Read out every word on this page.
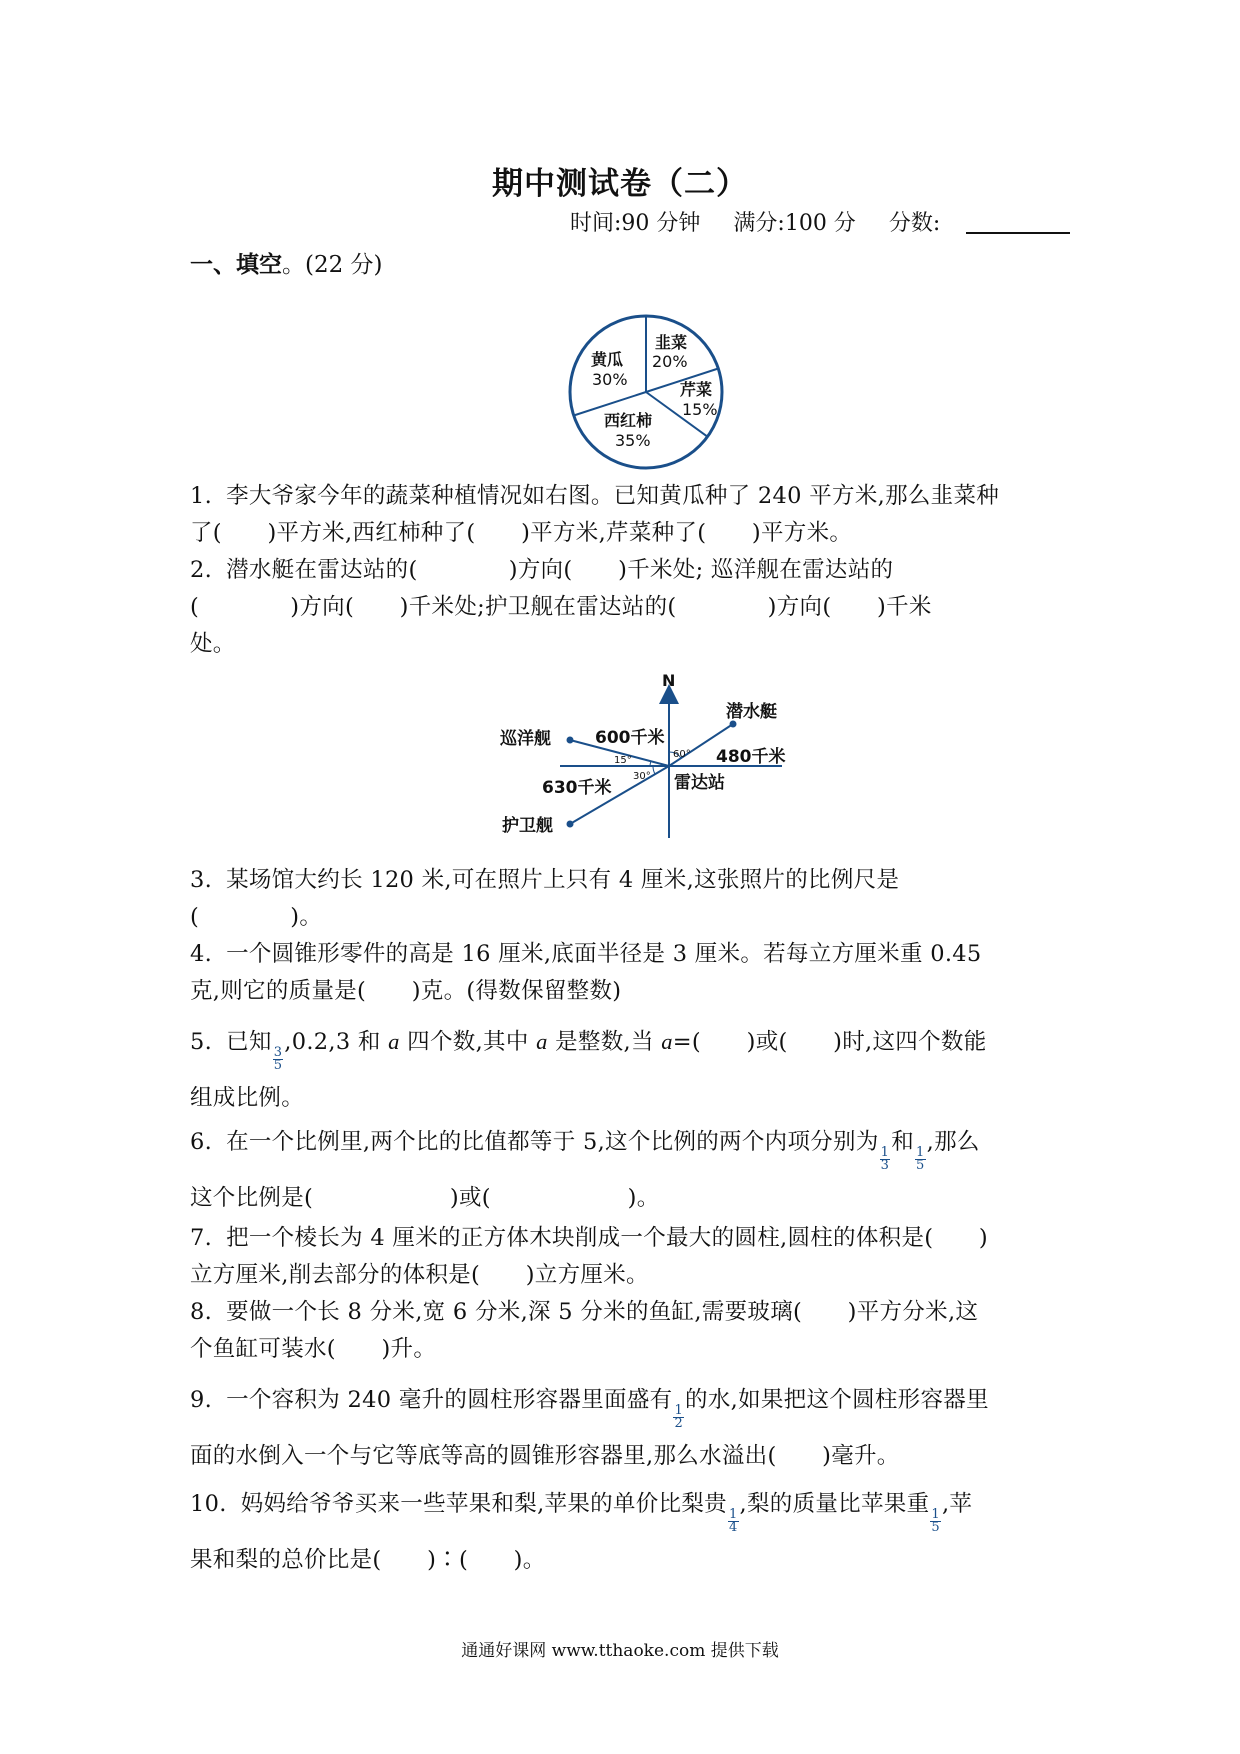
期中测试卷（二）
时间:90 分钟 满分:100 分 分数:
一、填空。(22 分)
韭菜
20%
芹菜
15%
西红柿
35%
黄瓜
30%
1. 李大爷家今年的蔬菜种植情况如右图。已知黄瓜种了 240 平方米,那么韭菜种
了(　　)平方米,西红柿种了(　　)平方米,芹菜种了(　　)平方米。
2. 潜水艇在雷达站的(　　　　)方向(　　)千米处; 巡洋舰在雷达站的
(　　　　)方向(　　)千米处;护卫舰在雷达站的(　　　　)方向(　　)千米
处。
N
潜水艇
480千米
巡洋舰	600千米
护卫舰
630千米	雷达站
60°
15°
30°
3. 某场馆大约长 120 米,可在照片上只有 4 厘米,这张照片的比例尺是
(　　　　)。
4. 一个圆锥形零件的高是 16 厘米,底面半径是 3 厘米。若每立方厘米重 0.45
克,则它的质量是(　　)克。(得数保留整数)
5. 已知
$\frac{3}{5}$
,0.2,3 和 a 四个数,其中 a 是整数,当 a=(　　)或(　　)时,这四个数能
组成比例。
6. 在一个比例里,两个比的比值都等于 5,这个比例的两个内项分别为
$\frac{1}{3}$
和
$\frac{1}{5}$
,那么
这个比例是(　　　　　　)或(　　　　　　)。
7. 把一个棱长为 4 厘米的正方体木块削成一个最大的圆柱,圆柱的体积是(　　)
立方厘米,削去部分的体积是(　　)立方厘米。
8. 要做一个长 8 分米,宽 6 分米,深 5 分米的鱼缸,需要玻璃(　　)平方分米,这
个鱼缸可装水(　　)升。
9. 一个容积为 240 毫升的圆柱形容器里面盛有
$\frac{1}{2}$
的水,如果把这个圆柱形容器里
面的水倒入一个与它等底等高的圆锥形容器里,那么水溢出(　　)毫升。
10. 妈妈给爷爷买来一些苹果和梨,苹果的单价比梨贵
$\frac{1}{4}$
,梨的质量比苹果重
$\frac{1}{5}$
,苹
果和梨的总价比是(　　)∶(　　)。
通通好课网 www.tthaoke.com 提供下载
